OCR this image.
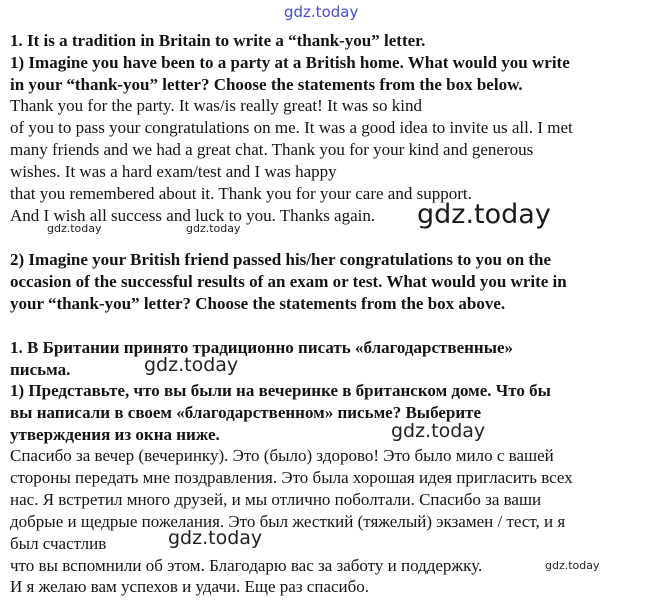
gdz.today
gdz.today
gdz.today	gdz.today
gdz.today
gdz.today
gdz.today
gdz.today
1. It is a tradition in Britain to write a “thank-you” letter.
1) Imagine you have been to a party at a British home. What would you write
in your “thank-you” letter? Choose the statements from the box below.
Thank you for the party. It was/is really great! It was so kind
of you to pass your congratulations on me. It was a good idea to invite us all. I met
many friends and we had a great chat. Thank you for your kind and generous
wishes. It was a hard exam/test and I was happy
that you remembered about it. Thank you for your care and support.
And I wish all success and luck to you. Thanks again.
2) Imagine your British friend passed his/her congratulations to you on the
occasion of the successful results of an exam or test. What would you write in
your “thank-you” letter? Choose the statements from the box above.
1. В Британии принято традиционно писать «благодарственные»
письма.
1) Представьте, что вы были на вечеринке в британском доме. Что бы
вы написали в своем «благодарственном» письме? Выберите
утверждения из окна ниже.
Спасибо за вечер (вечеринку). Это (было) здорово! Это было мило с вашей
стороны передать мне поздравления. Это была хорошая идея пригласить всех
нас. Я встретил много друзей, и мы отлично поболтали. Спасибо за ваши
добрые и щедрые пожелания. Это был жесткий (тяжелый) экзамен / тест, и я
был счастлив
что вы вспомнили об этом. Благодарю вас за заботу и поддержку.
И я желаю вам успехов и удачи. Еще раз спасибо.
